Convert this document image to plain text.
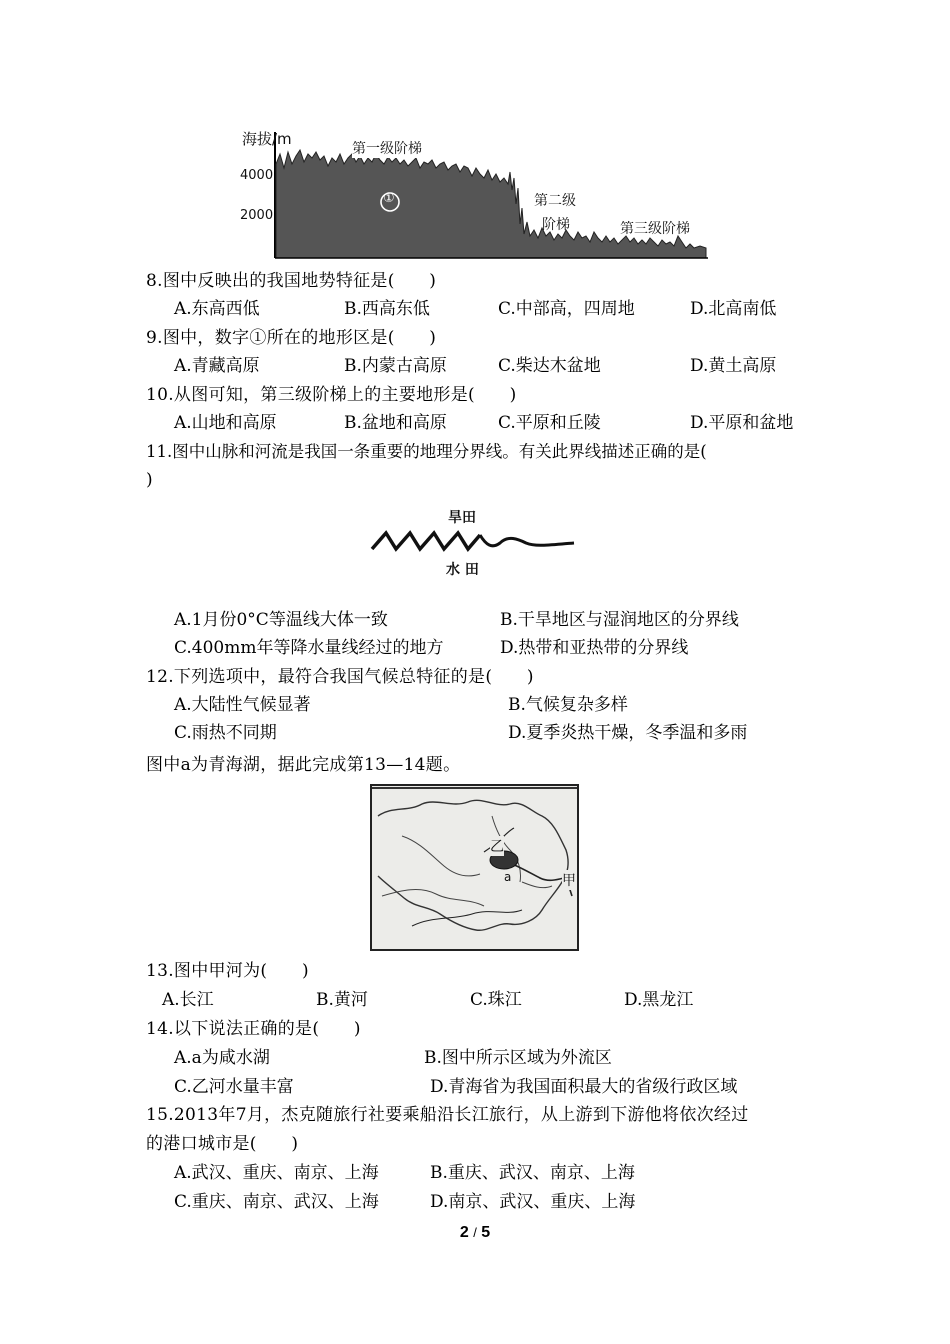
海拔/m
4000
2000
第一级阶梯
①	第二级
阶梯	第三级阶梯
8.图中反映出的我国地势特征是(　　)
A.东高西低	B.西高东低	C.中部高，四周地	D.北高南低
9.图中，数字①所在的地形区是(　　)
A.青藏高原	B.内蒙古高原	C.柴达木盆地	D.黄土高原
10.从图可知，第三级阶梯上的主要地形是(　　)
A.山地和高原	B.盆地和高原	C.平原和丘陵	D.平原和盆地
11.图中山脉和河流是我国一条重要的地理分界线。有关此界线描述正确的是(
)
旱田
水 田
A.1月份0°C等温线大体一致	B.干旱地区与湿润地区的分界线
C.400mm年等降水量线经过的地方	D.热带和亚热带的分界线
12.下列选项中，最符合我国气候总特征的是(　　)
A.大陆性气候显著	B.气候复杂多样
C.雨热不同期	D.夏季炎热干燥，冬季温和多雨
图中a为青海湖，据此完成第13—14题。
乙
a	甲
13.图中甲河为(　　)
A.长江	B.黄河	C.珠江	D.黑龙江
14.以下说法正确的是(　　)
A.a为咸水湖	B.图中所示区域为外流区
C.乙河水量丰富	D.青海省为我国面积最大的省级行政区域
15.2013年7月，杰克随旅行社要乘船沿长江旅行，从上游到下游他将依次经过
的港口城市是(　　)
A.武汉、重庆、南京、上海	B.重庆、武汉、南京、上海
C.重庆、南京、武汉、上海	D.南京、武汉、重庆、上海
2 / 5
